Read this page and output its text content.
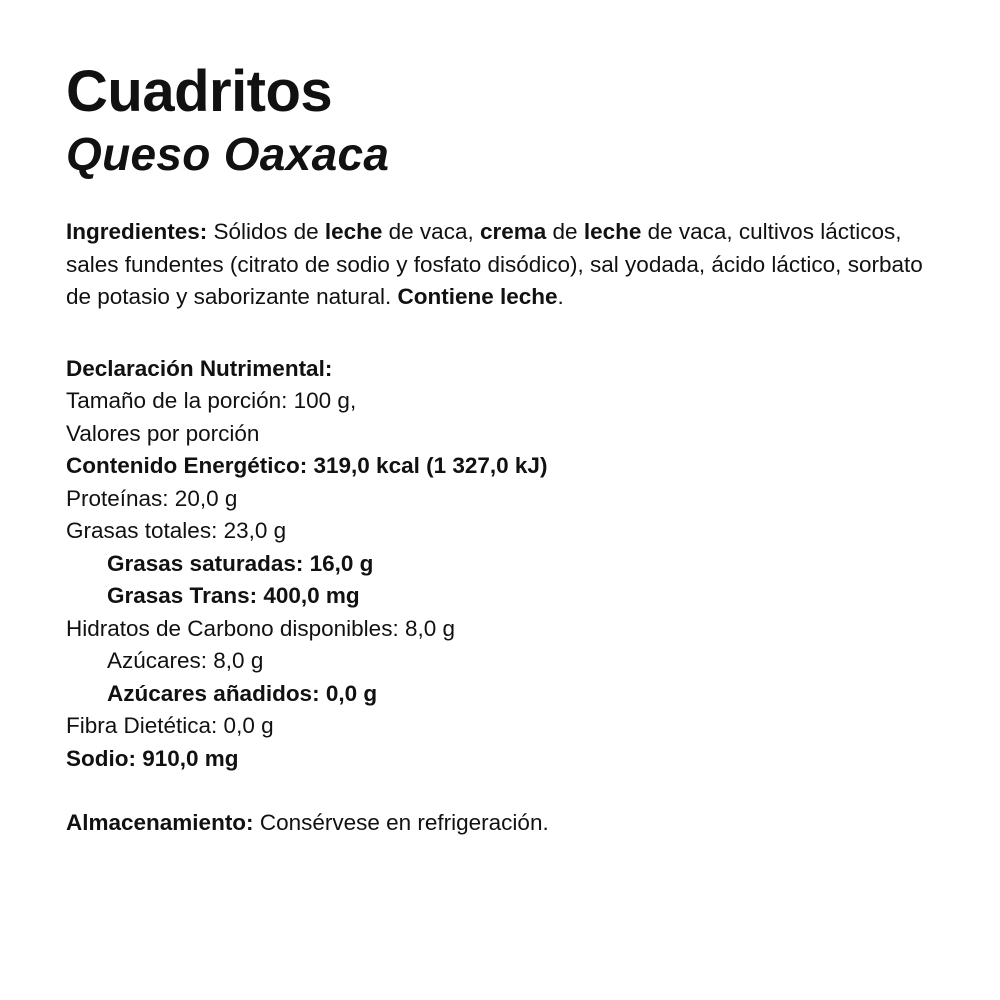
Cuadritos
Queso Oaxaca

Ingredientes: Sólidos de leche de vaca, crema de leche de vaca, cultivos lácticos, sales fundentes (citrato de sodio y fosfato disódico), sal yodada, ácido láctico, sorbato de potasio y saborizante natural. Contiene leche.

Declaración Nutrimental:
Tamaño de la porción: 100 g,
Valores por porción
Contenido Energético: 319,0 kcal (1 327,0 kJ)
Proteínas: 20,0 g
Grasas totales: 23,0 g
Grasas saturadas: 16,0 g
Grasas Trans: 400,0 mg
Hidratos de Carbono disponibles: 8,0 g
Azúcares: 8,0 g
Azúcares añadidos: 0,0 g
Fibra Dietética: 0,0 g
Sodio: 910,0 mg

Almacenamiento: Consérvese en refrigeración.
